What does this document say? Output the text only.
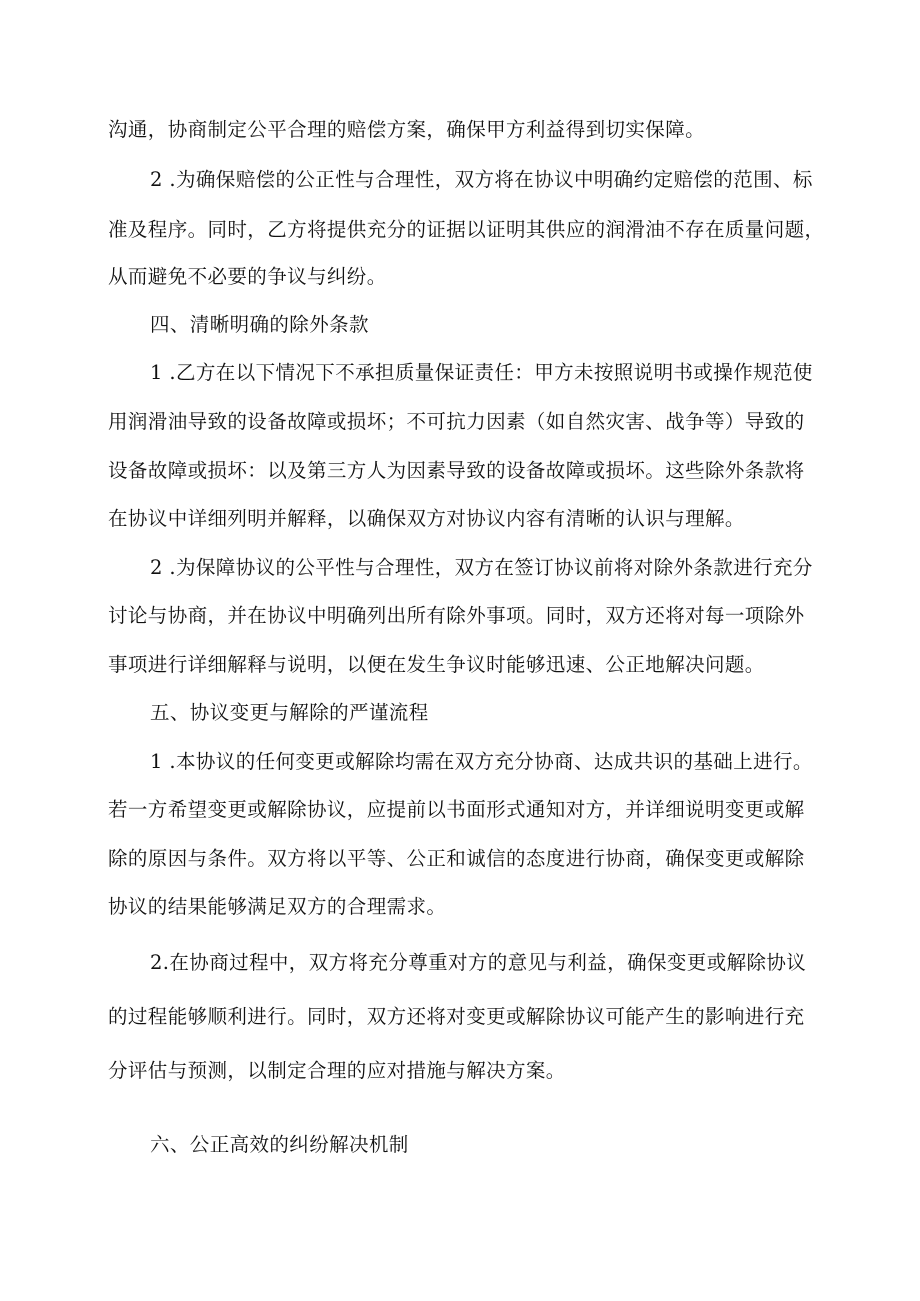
沟通，协商制定公平合理的赔偿方案，确保甲方利益得到切实保障。

2 .为确保赔偿的公正性与合理性，双方将在协议中明确约定赔偿的范围、标

准及程序。同时，乙方将提供充分的证据以证明其供应的润滑油不存在质量问题，

从而避免不必要的争议与纠纷。

四、清晰明确的除外条款

1 .乙方在以下情况下不承担质量保证责任：甲方未按照说明书或操作规范使

用润滑油导致的设备故障或损坏；不可抗力因素（如自然灾害、战争等）导致的

设备故障或损坏：以及第三方人为因素导致的设备故障或损坏。这些除外条款将

在协议中详细列明并解释，以确保双方对协议内容有清晰的认识与理解。

2 .为保障协议的公平性与合理性，双方在签订协议前将对除外条款进行充分

讨论与协商，并在协议中明确列出所有除外事项。同时，双方还将对每一项除外

事项进行详细解释与说明，以便在发生争议时能够迅速、公正地解决问题。

五、协议变更与解除的严谨流程

1 .本协议的任何变更或解除均需在双方充分协商、达成共识的基础上进行。

若一方希望变更或解除协议，应提前以书面形式通知对方，并详细说明变更或解

除的原因与条件。双方将以平等、公正和诚信的态度进行协商，确保变更或解除

协议的结果能够满足双方的合理需求。

2.在协商过程中，双方将充分尊重对方的意见与利益，确保变更或解除协议

的过程能够顺利进行。同时，双方还将对变更或解除协议可能产生的影响进行充

分评估与预测，以制定合理的应对措施与解决方案。

六、公正高效的纠纷解决机制
